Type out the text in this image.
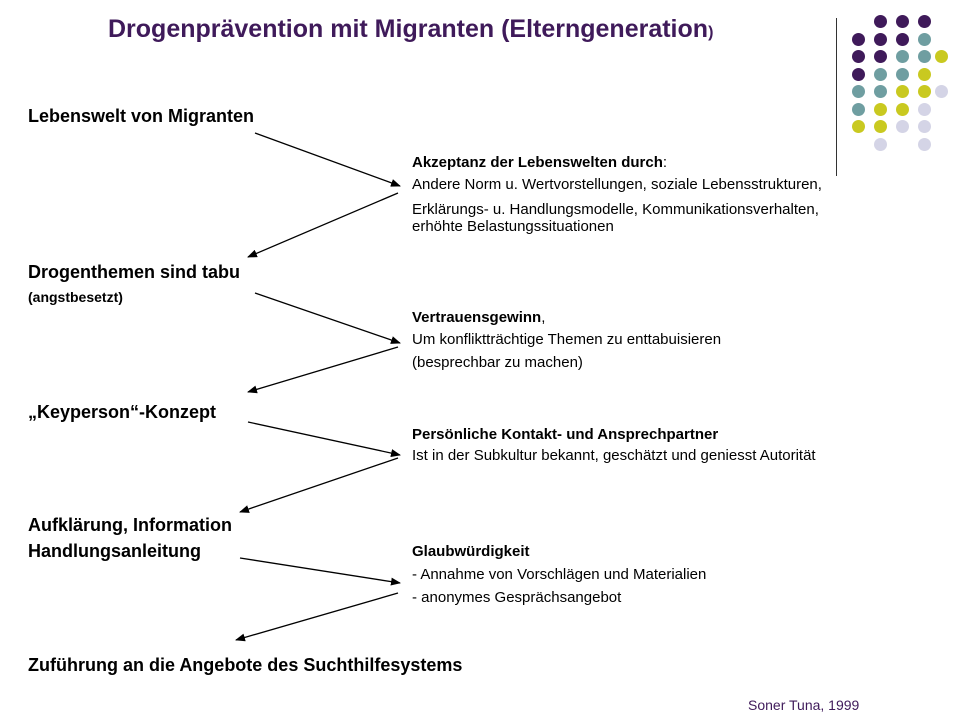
Drogenprävention mit Migranten (Elterngeneration)
Lebenswelt von Migranten
Drogenthemen sind tabu
(angstbesetzt)
„Keyperson“-Konzept
Aufklärung, Information
Handlungsanleitung
Zuführung an die Angebote des Suchthilfesystems
Akzeptanz der Lebenswelten durch:
Andere Norm u. Wertvorstellungen, soziale Lebensstrukturen,
Erklärungs- u. Handlungsmodelle, Kommunikationsverhalten,
erhöhte Belastungssituationen
Vertrauensgewinn,
Um konfliktträchtige Themen zu enttabuisieren
(besprechbar zu machen)
Persönliche Kontakt- und Ansprechpartner
Ist in der Subkultur bekannt, geschätzt und geniesst Autorität
Glaubwürdigkeit
- Annahme von Vorschlägen und Materialien
- anonymes Gesprächsangebot
Soner Tuna, 1999
